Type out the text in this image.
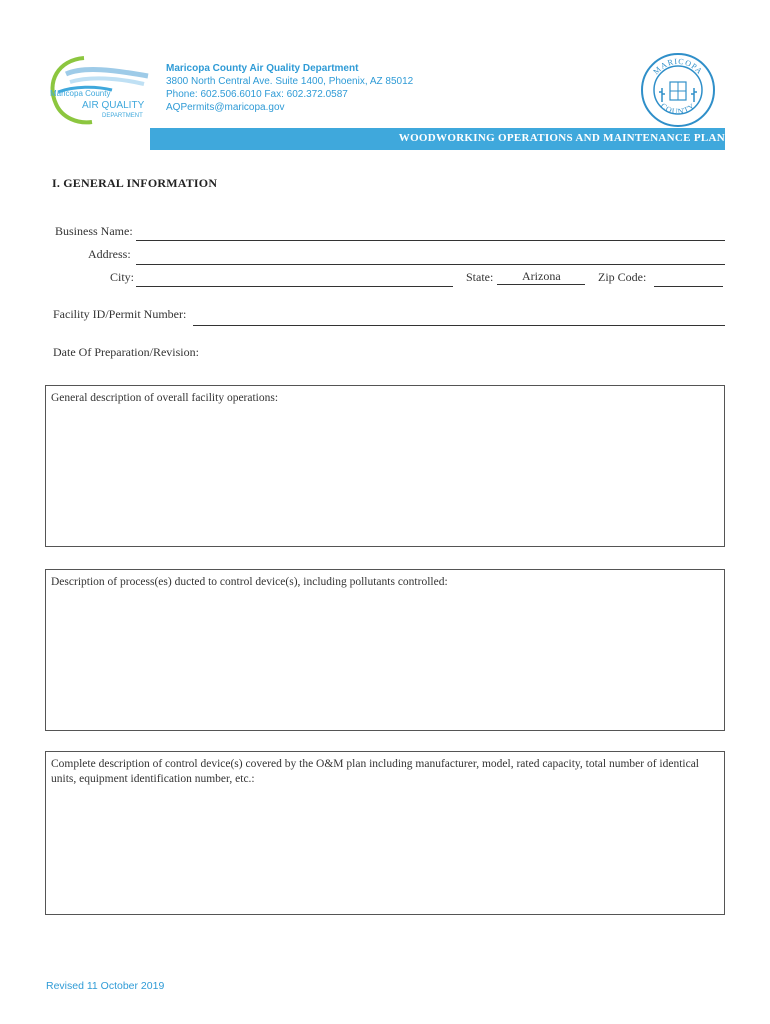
Maricopa County
AIR QUALITY
DEPARTMENT
Maricopa County Air Quality Department
3800 North Central Ave. Suite 1400, Phoenix, AZ 85012
Phone: 602.506.6010 Fax: 602.372.0587
AQPermits@maricopa.gov
MARICOPA
COUNTY
WOODWORKING OPERATIONS AND MAINTENANCE PLAN
I. GENERAL INFORMATION
Business Name:
Address:
City:	State: Arizona	Zip Code:
Facility ID/Permit Number:
Date Of Preparation/Revision:
General description of overall facility operations:
Description of process(es) ducted to control device(s), including pollutants controlled:
Complete description of control device(s) covered by the O&M plan including manufacturer, model, rated capacity, total number of identical units, equipment identification number, etc.:
Revised 11 October 2019
